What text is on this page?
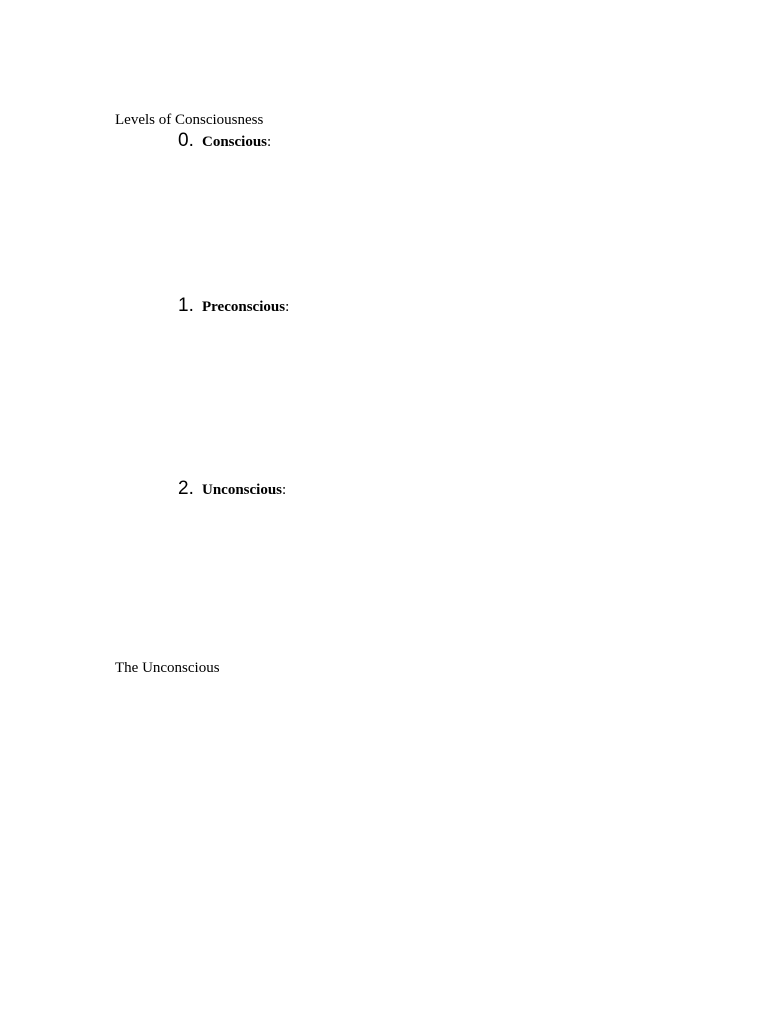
Levels of Consciousness
0. Conscious :
1. Preconscious :
2. Unconscious :
The Unconscious
